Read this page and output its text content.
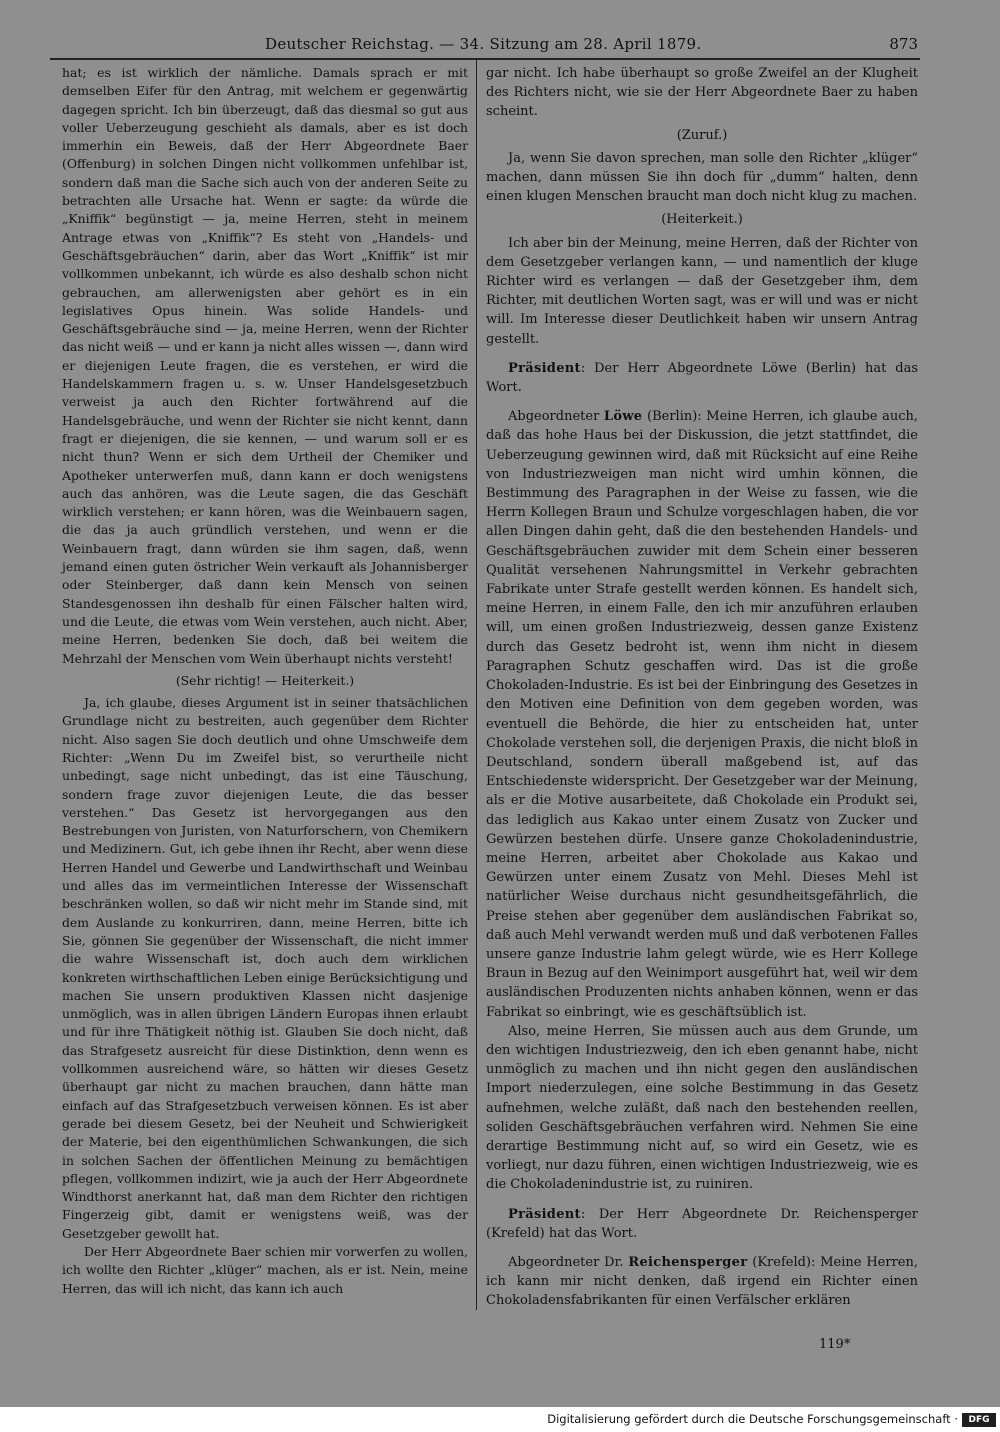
Deutscher Reichstag. — 34. Sitzung am 28. April 1879.	873

hat; es ist wirklich der nämliche. Damals sprach er mit demselben Eifer für den Antrag, mit welchem er gegenwärtig dagegen spricht. Ich bin überzeugt, daß das diesmal so gut aus voller Ueberzeugung geschieht als damals, aber es ist doch immerhin ein Beweis, daß der Herr Abgeordnete Baer (Offenburg) in solchen Dingen nicht vollkommen unfehlbar ist, sondern daß man die Sache sich auch von der anderen Seite zu betrachten alle Ursache hat. Wenn er sagte: da würde die „Kniffik“ begünstigt — ja, meine Herren, steht in meinem Antrage etwas von „Kniffik“? Es steht von „Handels- und Geschäftsgebräuchen“ darin, aber das Wort „Kniffik“ ist mir vollkommen unbekannt, ich würde es also deshalb schon nicht gebrauchen, am allerwenigsten aber gehört es in ein legislatives Opus hinein. Was solide Handels- und Geschäftsgebräuche sind — ja, meine Herren, wenn der Richter das nicht weiß — und er kann ja nicht alles wissen —, dann wird er diejenigen Leute fragen, die es verstehen, er wird die Handelskammern fragen u. s. w. Unser Handelsgesetzbuch verweist ja auch den Richter fortwährend auf die Handelsgebräuche, und wenn der Richter sie nicht kennt, dann fragt er diejenigen, die sie kennen, — und warum soll er es nicht thun? Wenn er sich dem Urtheil der Chemiker und Apotheker unterwerfen muß, dann kann er doch wenigstens auch das anhören, was die Leute sagen, die das Geschäft wirklich verstehen; er kann hören, was die Weinbauern sagen, die das ja auch gründlich verstehen, und wenn er die Weinbauern fragt, dann würden sie ihm sagen, daß, wenn jemand einen guten östricher Wein verkauft als Johannisberger oder Steinberger, daß dann kein Mensch von seinen Standesgenossen ihn deshalb für einen Fälscher halten wird, und die Leute, die etwas vom Wein verstehen, auch nicht. Aber, meine Herren, bedenken Sie doch, daß bei weitem die Mehrzahl der Menschen vom Wein überhaupt nichts versteht!

(Sehr richtig! — Heiterkeit.)

Ja, ich glaube, dieses Argument ist in seiner thatsächlichen Grundlage nicht zu bestreiten, auch gegenüber dem Richter nicht. Also sagen Sie doch deutlich und ohne Umschweife dem Richter: „Wenn Du im Zweifel bist, so verurtheile nicht unbedingt, sage nicht unbedingt, das ist eine Täuschung, sondern frage zuvor diejenigen Leute, die das besser verstehen.“ Das Gesetz ist hervorgegangen aus den Bestrebungen von Juristen, von Naturforschern, von Chemikern und Medizinern. Gut, ich gebe ihnen ihr Recht, aber wenn diese Herren Handel und Gewerbe und Landwirthschaft und Weinbau und alles das im vermeintlichen Interesse der Wissenschaft beschränken wollen, so daß wir nicht mehr im Stande sind, mit dem Auslande zu konkurriren, dann, meine Herren, bitte ich Sie, gönnen Sie gegenüber der Wissenschaft, die nicht immer die wahre Wissenschaft ist, doch auch dem wirklichen konkreten wirthschaftlichen Leben einige Berücksichtigung und machen Sie unsern produktiven Klassen nicht dasjenige unmöglich, was in allen übrigen Ländern Europas ihnen erlaubt und für ihre Thätigkeit nöthig ist. Glauben Sie doch nicht, daß das Strafgesetz ausreicht für diese Distinktion, denn wenn es vollkommen ausreichend wäre, so hätten wir dieses Gesetz überhaupt gar nicht zu machen brauchen, dann hätte man einfach auf das Strafgesetzbuch verweisen können. Es ist aber gerade bei diesem Gesetz, bei der Neuheit und Schwierigkeit der Materie, bei den eigenthümlichen Schwankungen, die sich in solchen Sachen der öffentlichen Meinung zu bemächtigen pflegen, vollkommen indizirt, wie ja auch der Herr Abgeordnete Windthorst anerkannt hat, daß man dem Richter den richtigen Fingerzeig gibt, damit er wenigstens weiß, was der Gesetzgeber gewollt hat.

Der Herr Abgeordnete Baer schien mir vorwerfen zu wollen, ich wollte den Richter „klüger“ machen, als er ist. Nein, meine Herren, das will ich nicht, das kann ich auch

gar nicht. Ich habe überhaupt so große Zweifel an der Klugheit des Richters nicht, wie sie der Herr Abgeordnete Baer zu haben scheint.

(Zuruf.)

Ja, wenn Sie davon sprechen, man solle den Richter „klüger“ machen, dann müssen Sie ihn doch für „dumm“ halten, denn einen klugen Menschen braucht man doch nicht klug zu machen.

(Heiterkeit.)

Ich aber bin der Meinung, meine Herren, daß der Richter von dem Gesetzgeber verlangen kann, — und namentlich der kluge Richter wird es verlangen — daß der Gesetzgeber ihm, dem Richter, mit deutlichen Worten sagt, was er will und was er nicht will. Im Interesse dieser Deutlichkeit haben wir unsern Antrag gestellt.

Präsident: Der Herr Abgeordnete Löwe (Berlin) hat das Wort.

Abgeordneter Löwe (Berlin): Meine Herren, ich glaube auch, daß das hohe Haus bei der Diskussion, die jetzt stattfindet, die Ueberzeugung gewinnen wird, daß mit Rücksicht auf eine Reihe von Industriezweigen man nicht wird umhin können, die Bestimmung des Paragraphen in der Weise zu fassen, wie die Herrn Kollegen Braun und Schulze vorgeschlagen haben, die vor allen Dingen dahin geht, daß die den bestehenden Handels- und Geschäftsgebräuchen zuwider mit dem Schein einer besseren Qualität versehenen Nahrungsmittel in Verkehr gebrachten Fabrikate unter Strafe gestellt werden können. Es handelt sich, meine Herren, in einem Falle, den ich mir anzuführen erlauben will, um einen großen Industriezweig, dessen ganze Existenz durch das Gesetz bedroht ist, wenn ihm nicht in diesem Paragraphen Schutz geschaffen wird. Das ist die große Chokoladen-Industrie. Es ist bei der Einbringung des Gesetzes in den Motiven eine Definition von dem gegeben worden, was eventuell die Behörde, die hier zu entscheiden hat, unter Chokolade verstehen soll, die derjenigen Praxis, die nicht bloß in Deutschland, sondern überall maßgebend ist, auf das Entschiedenste widerspricht. Der Gesetzgeber war der Meinung, als er die Motive ausarbeitete, daß Chokolade ein Produkt sei, das lediglich aus Kakao unter einem Zusatz von Zucker und Gewürzen bestehen dürfe. Unsere ganze Chokoladenindustrie, meine Herren, arbeitet aber Chokolade aus Kakao und Gewürzen unter einem Zusatz von Mehl. Dieses Mehl ist natürlicher Weise durchaus nicht gesundheitsgefährlich, die Preise stehen aber gegenüber dem ausländischen Fabrikat so, daß auch Mehl verwandt werden muß und daß verbotenen Falles unsere ganze Industrie lahm gelegt würde, wie es Herr Kollege Braun in Bezug auf den Weinimport ausgeführt hat, weil wir dem ausländischen Produzenten nichts anhaben können, wenn er das Fabrikat so einbringt, wie es geschäftsüblich ist.

Also, meine Herren, Sie müssen auch aus dem Grunde, um den wichtigen Industriezweig, den ich eben genannt habe, nicht unmöglich zu machen und ihn nicht gegen den ausländischen Import niederzulegen, eine solche Bestimmung in das Gesetz aufnehmen, welche zuläßt, daß nach den bestehenden reellen, soliden Geschäftsgebräuchen verfahren wird. Nehmen Sie eine derartige Bestimmung nicht auf, so wird ein Gesetz, wie es vorliegt, nur dazu führen, einen wichtigen Industriezweig, wie es die Chokoladenindustrie ist, zu ruiniren.

Präsident: Der Herr Abgeordnete Dr. Reichensperger (Krefeld) hat das Wort.

Abgeordneter Dr. Reichensperger (Krefeld): Meine Herren, ich kann mir nicht denken, daß irgend ein Richter einen Chokoladensfabrikanten für einen Verfälscher erklären

119*
Digitalisierung gefördert durch die Deutsche Forschungsgemeinschaft ·	DFG
